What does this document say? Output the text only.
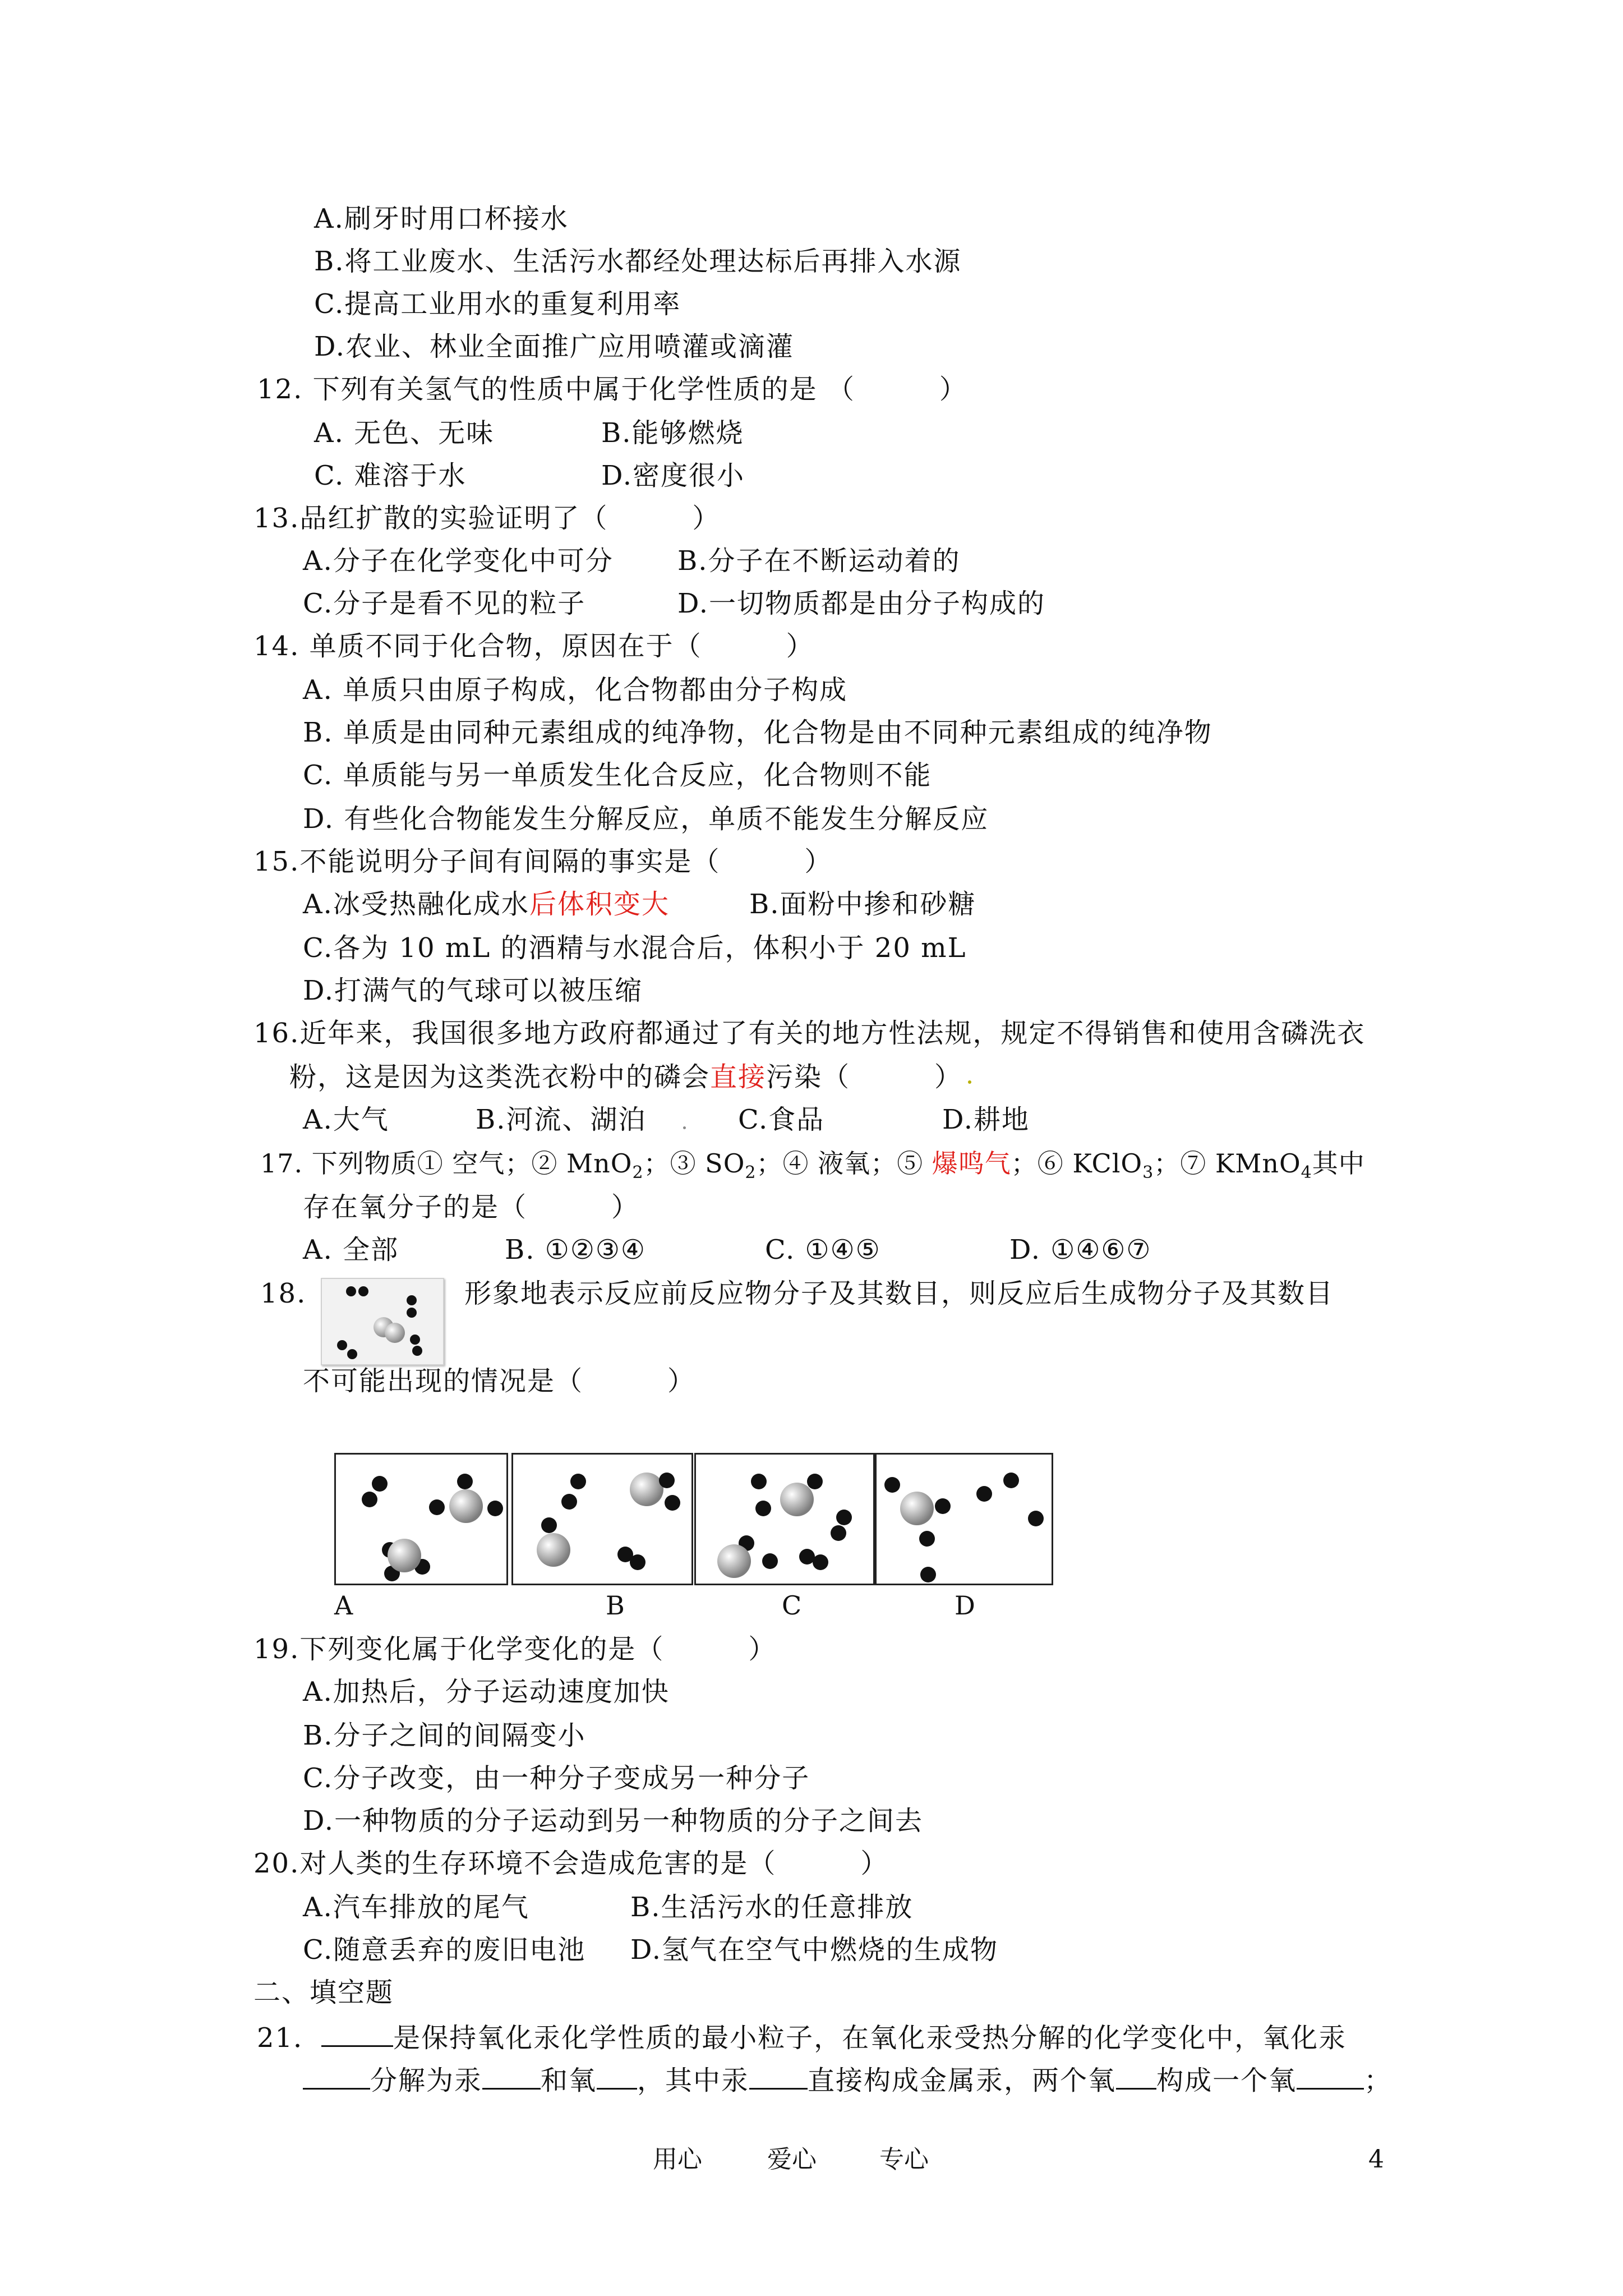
A.刷牙时用口杯接水
B.将工业废水、生活污水都经处理达标后再排入水源
C.提高工业用水的重复利用率
D.农业、林业全面推广应用喷灌或滴灌
12. 下列有关氢气的性质中属于化学性质的是 （　　　）
A. 无色、无味	B.能够燃烧
C. 难溶于水	D.密度很小
13.品红扩散的实验证明了（　　　）
A.分子在化学变化中可分 B.分子在不断运动着的
C.分子是看不见的粒子	D.一切物质都是由分子构成的
14. 单质不同于化合物，原因在于（　　　）
A. 单质只由原子构成，化合物都由分子构成
B. 单质是由同种元素组成的纯净物，化合物是由不同种元素组成的纯净物
C. 单质能与另一单质发生化合反应，化合物则不能
D. 有些化合物能发生分解反应，单质不能发生分解反应
15.不能说明分子间有间隔的事实是（　　　）
A.冰受热融化成水后体积变大	B.面粉中掺和砂糖
C.各为 10 mL 的酒精与水混合后，体积小于 20 mL
D.打满气的气球可以被压缩
16.近年来，我国很多地方政府都通过了有关的地方性法规，规定不得销售和使用含磷洗衣
粉，这是因为这类洗衣粉中的磷会直接污染（　　　）
A.大气	B.河流、湖泊	C.食品	D.耕地
17. 下列物质① 空气；② MnO$_2$；③ $SO_2$；④ 液氧；⑤ 爆鸣气；⑥ KClO$_3$；⑦ KMnO$_4$其中
存在氧分子的是（　　　）
A. 全部	B. ①②③④	C. ①④⑤	D. ①④⑥⑦
18.	形象地表示反应前反应物分子及其数目，则反应后生成物分子及其数目
不可能出现的情况是（　　　）
A	B	C	D
19.下列变化属于化学变化的是（　　　）
A.加热后，分子运动速度加快
B.分子之间的间隔变小
C.分子改变，由一种分子变成另一种分子
D.一种物质的分子运动到另一种物质的分子之间去
20.对人类的生存环境不会造成危害的是（　　　）
A.汽车排放的尾气	B.生活污水的任意排放
C.随意丢弃的废旧电池 D.氢气在空气中燃烧的生成物
二、填空题
21．	是保持氧化汞化学性质的最小粒子，在氧化汞受热分解的化学变化中，氧化汞
分解为汞 和氧 ，其中汞 直接构成金属汞，两个氧 构成一个氧	；
用心	爱心	专心	4
